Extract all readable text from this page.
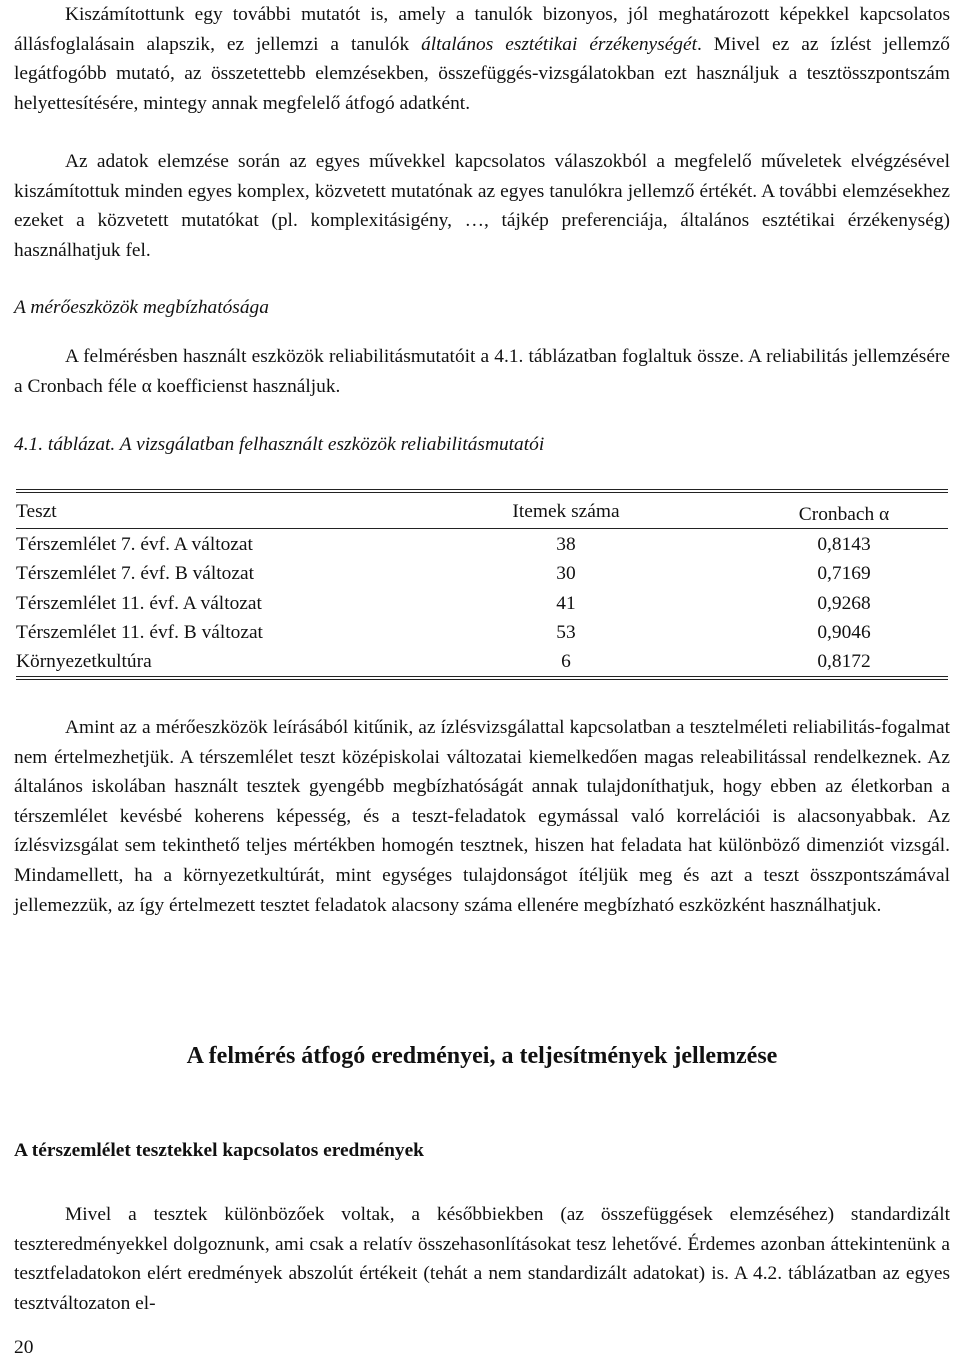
Kiszámítottunk egy további mutatót is, amely a tanulók bizonyos, jól meghatározott képekkel kapcsolatos állásfoglalásain alapszik, ez jellemzi a tanulók általános esztétikai érzékenységét. Mivel ez az ízlést jellemző legátfogóbb mutató, az összetettebb elemzésekben, összefüggés-vizsgálatokban ezt használjuk a tesztösszpontszám helyettesítésére, mintegy annak megfelelő átfogó adatként.

Az adatok elemzése során az egyes művekkel kapcsolatos válaszokból a megfelelő műveletek elvégzésével kiszámítottuk minden egyes komplex, közvetett mutatónak az egyes tanulókra jellemző értékét. A további elemzésekhez ezeket a közvetett mutatókat (pl. komplexitásigény, …, tájkép preferenciája, általános esztétikai érzékenység) használhatjuk fel.

A mérőeszközök megbízhatósága

A felmérésben használt eszközök reliabilitásmutatóit a 4.1. táblázatban foglaltuk össze. A reliabilitás jellemzésére a Cronbach féle α koefficienst használjuk.

4.1. táblázat. A vizsgálatban felhasznált eszközök reliabilitásmutatói
Teszt	Itemek száma	Cronbach α
Térszemlélet 7. évf. A változat	38	0,8143
Térszemlélet 7. évf. B változat	30	0,7169
Térszemlélet 11. évf. A változat	41	0,9268
Térszemlélet 11. évf. B változat	53	0,9046
Környezetkultúra	6	0,8172

Amint az a mérőeszközök leírásából kitűnik, az ízlésvizsgálattal kapcsolatban a tesztelméleti reliabilitás-fogalmat nem értelmezhetjük. A térszemlélet teszt középiskolai változatai kiemelkedően magas releabilitással rendelkeznek. Az általános iskolában használt tesztek gyengébb megbízhatóságát annak tulajdoníthatjuk, hogy ebben az életkorban a térszemlélet kevésbé koherens képesség, és a teszt-feladatok egymással való korrelációi is alacsonyabbak. Az ízlésvizsgálat sem tekinthető teljes mértékben homogén tesztnek, hiszen hat feladata hat különböző dimenziót vizsgál. Mindamellett, ha a környezetkultúrát, mint egységes tulajdonságot ítéljük meg és azt a teszt összpontszámával jellemezzük, az így értelmezett tesztet feladatok alacsony száma ellenére megbízható eszközként használhatjuk.

A felmérés átfogó eredményei, a teljesítmények jellemzése
A térszemlélet tesztekkel kapcsolatos eredmények

Mivel a tesztek különbözőek voltak, a későbbiekben (az összefüggések elemzéséhez) standardizált teszteredményekkel dolgoznunk, ami csak a relatív összehasonlításokat tesz lehetővé. Érdemes azonban áttekintenünk a tesztfeladatokon elért eredmények abszolút értékeit (tehát a nem standardizált adatokat) is. A 4.2. táblázatban az egyes tesztváltozaton el-

20
